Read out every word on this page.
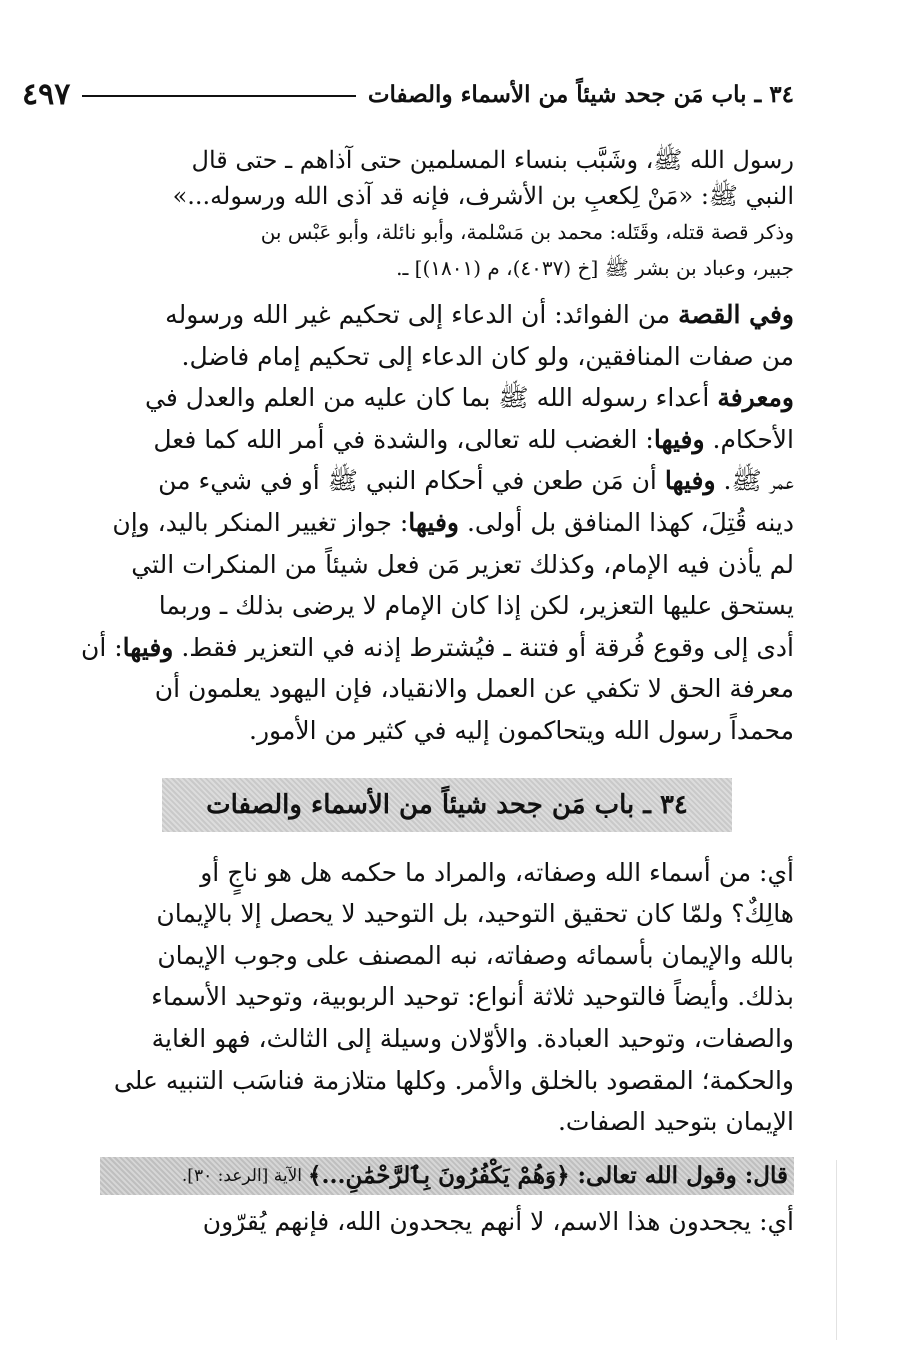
٣٤ ـ باب مَن جحد شيئاً من الأسماء والصفات
٤٩٧
رسول الله ﷺ، وشَبَّب بنساء المسلمين حتى آذاهم ـ حتى قال
النبي ﷺ: «مَنْ لِكعبِ بن الأشرف، فإنه قد آذى الله ورسوله...»
وذكر قصة قتله، وقَتَله: محمد بن مَسْلمة، وأبو نائلة، وأبو عَبْس بن
جبير، وعباد بن بشر ﷺ [خ (٤٠٣٧)، م (١٨٠١)] ـ.
وفي القصة من الفوائد: أن الدعاء إلى تحكيم غير الله ورسوله
من صفات المنافقين، ولو كان الدعاء إلى تحكيم إمام فاضل.
ومعرفة أعداء رسوله الله ﷺ بما كان عليه من العلم والعدل في
الأحكام. وفيها: الغضب لله تعالى، والشدة في أمر الله كما فعل
عمر ﷺ. وفيها أن مَن طعن في أحكام النبي ﷺ أو في شيء من
دينه قُتِلَ، كهذا المنافق بل أولى. وفيها: جواز تغيير المنكر باليد، وإن
لم يأذن فيه الإمام، وكذلك تعزير مَن فعل شيئاً من المنكرات التي
يستحق عليها التعزير، لكن إذا كان الإمام لا يرضى بذلك ـ وربما
أدى إلى وقوع فُرقة أو فتنة ـ فيُشترط إذنه في التعزير فقط. وفيها: أن
معرفة الحق لا تكفي عن العمل والانقياد، فإن اليهود يعلمون أن
محمداً رسول الله ويتحاكمون إليه في كثير من الأمور.
٣٤ ـ باب مَن جحد شيئاً من الأسماء والصفات
أي: من أسماء الله وصفاته، والمراد ما حكمه هل هو ناجٍ أو
هالِكٌ؟ ولمّا كان تحقيق التوحيد، بل التوحيد لا يحصل إلا بالإيمان
بالله والإيمان بأسمائه وصفاته، نبه المصنف على وجوب الإيمان
بذلك. وأيضاً فالتوحيد ثلاثة أنواع: توحيد الربوبية، وتوحيد الأسماء
والصفات، وتوحيد العبادة. والأوّلان وسيلة إلى الثالث، فهو الغاية
والحكمة؛ المقصود بالخلق والأمر. وكلها متلازمة فناسَب التنبيه على
الإيمان بتوحيد الصفات.
قال: وقول الله تعالى: ﴿وَهُمْ يَكْفُرُونَ بِٱلرَّحْمَٰنِ...﴾
الآية [الرعد: ٣٠].
أي: يجحدون هذا الاسم، لا أنهم يجحدون الله، فإنهم يُقرّون
